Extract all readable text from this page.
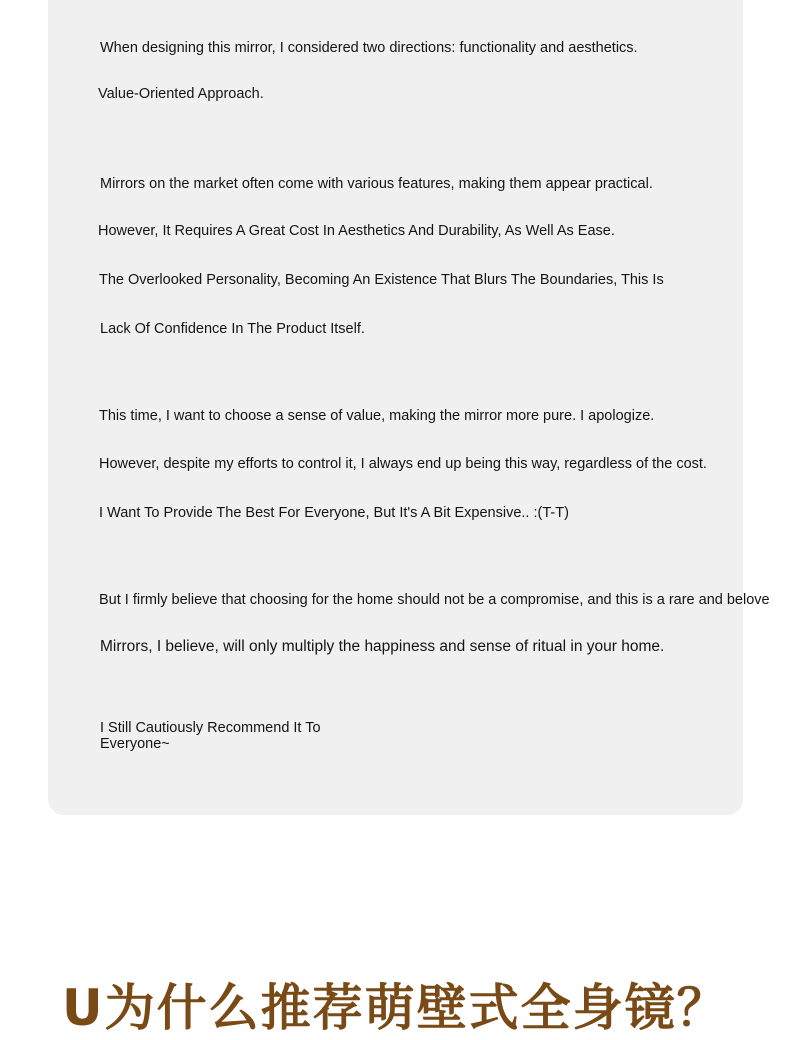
When designing this mirror, I considered two directions: functionality and aesthetics.
Value-Oriented Approach.
Mirrors on the market often come with various features, making them appear practical.
However, It Requires A Great Cost In Aesthetics And Durability, As Well As Ease.
The Overlooked Personality, Becoming An Existence That Blurs The Boundaries, This Is
Lack Of Confidence In The Product Itself.
This time, I want to choose a sense of value, making the mirror more pure. I apologize.
However, despite my efforts to control it, I always end up being this way, regardless of the cost.
I Want To Provide The Best For Everyone, But It's A Bit Expensive.. :(T-T)
But I firmly believe that choosing for the home should not be a compromise, and this is a rare and belove
Mirrors, I believe, will only multiply the happiness and sense of ritual in your home.
I Still Cautiously Recommend It To Everyone~
U为什么推荐萌壁式全身镜？
